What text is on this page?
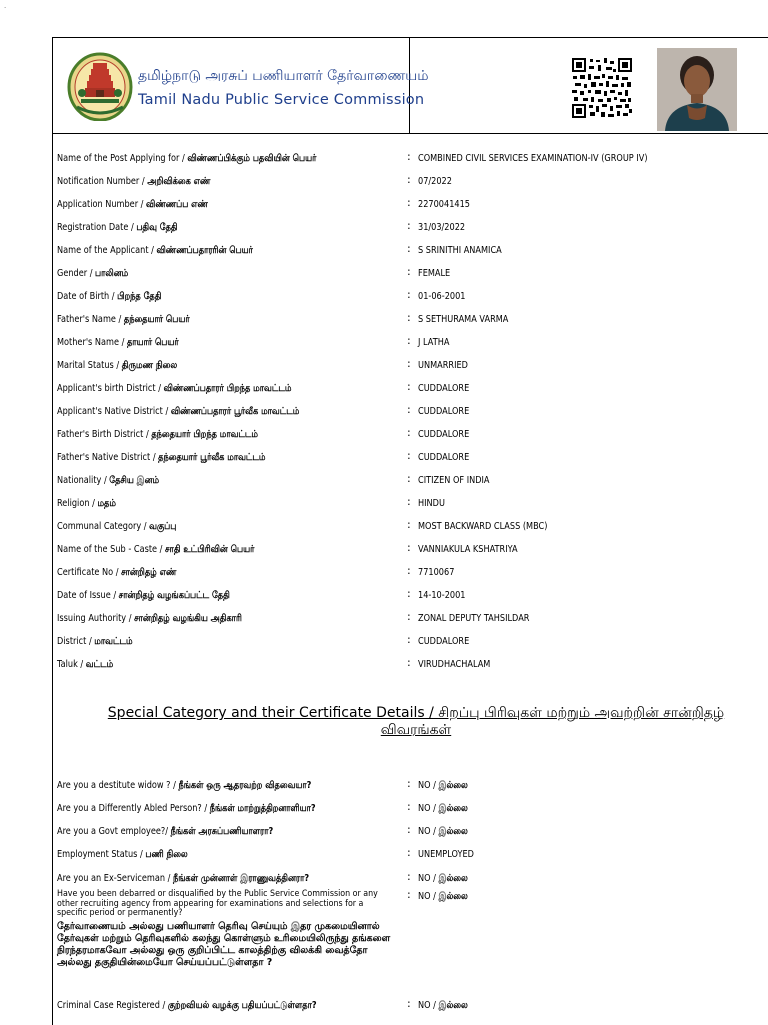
·
தமிழ்நாடு அரசுப் பணியாளர் தேர்வாணையம்
Tamil Nadu Public Service Commission
Name of the Post Applying for / விண்ணப்பிக்கும் பதவியின் பெயர்	: COMBINED CIVIL SERVICES EXAMINATION-IV (GROUP IV)
Notification Number / அறிவிக்கை எண்	: 07/2022
Application Number / விண்ணப்ப எண்	: 2270041415
Registration Date / பதிவு தேதி	: 31/03/2022
Name of the Applicant / விண்ணப்பதாரரின் பெயர்	: S SRINITHI ANAMICA
Gender / பாலினம்	: FEMALE
Date of Birth / பிறந்த தேதி	: 01-06-2001
Father's Name / தந்தையார் பெயர்	: S SETHURAMA VARMA
Mother's Name / தாயார் பெயர்	: J LATHA
Marital Status / திருமண நிலை	: UNMARRIED
Applicant's birth District / விண்ணப்பதாரர் பிறந்த மாவட்டம்	: CUDDALORE
Applicant's Native District / விண்ணப்பதாரர் பூர்வீக மாவட்டம்	: CUDDALORE
Father's Birth District / தந்தையார் பிறந்த மாவட்டம்	: CUDDALORE
Father's Native District / தந்தையார் பூர்வீக மாவட்டம்	: CUDDALORE
Nationality / தேசிய இனம்	: CITIZEN OF INDIA
Religion / மதம்	: HINDU
Communal Category / வகுப்பு	: MOST BACKWARD CLASS (MBC)
Name of the Sub - Caste / சாதி உட்பிரிவின் பெயர்	: VANNIAKULA KSHATRIYA
Certificate No / சான்றிதழ் எண்	: 7710067
Date of Issue / சான்றிதழ் வழங்கப்பட்ட தேதி	: 14-10-2001
Issuing Authority / சான்றிதழ் வழங்கிய அதிகாரி	: ZONAL DEPUTY TAHSILDAR
District / மாவட்டம்	: CUDDALORE
Taluk / வட்டம்	: VIRUDHACHALAM
Special Category and their Certificate Details / சிறப்பு பிரிவுகள் மற்றும் அவற்றின் சான்றிதழ் விவரங்கள்
Are you a destitute widow ? / நீங்கள் ஒரு ஆதரவற்ற விதவையா?	: NO / இல்லை
Are you a Differently Abled Person? / நீங்கள் மாற்றுத்திறனாளியா?	: NO / இல்லை
Are you a Govt employee?/ நீங்கள் அரசுப்பணியாளரா?	: NO / இல்லை
Employment Status / பணி நிலை	: UNEMPLOYED
Are you an Ex-Serviceman / நீங்கள் முன்னாள் இராணுவத்தினரா?	: NO / இல்லை
Have you been debarred or disqualified by the Public Service Commission or any other recruiting agency from appearing for examinations and selections for a specific period or permanently?
தேர்வாணையம் அல்லது பணியாளர் தெரிவு செய்யும் இதர முகமையினால் தேர்வுகள் மற்றும் தெரிவுகளில் கலந்து கொள்ளும் உரிமையிலிருந்து தங்களை நிரந்தரமாகவோ அல்லது ஒரு குறிப்பிட்ட காலத்திற்கு விலக்கி வைத்தோ அல்லது தகுதியின்மையோ செய்யப்பட்டுள்ளதா ?
: NO / இல்லை
Criminal Case Registered / குற்றவியல் வழக்கு பதியப்பட்டுள்ளதா?	: NO / இல்லை
